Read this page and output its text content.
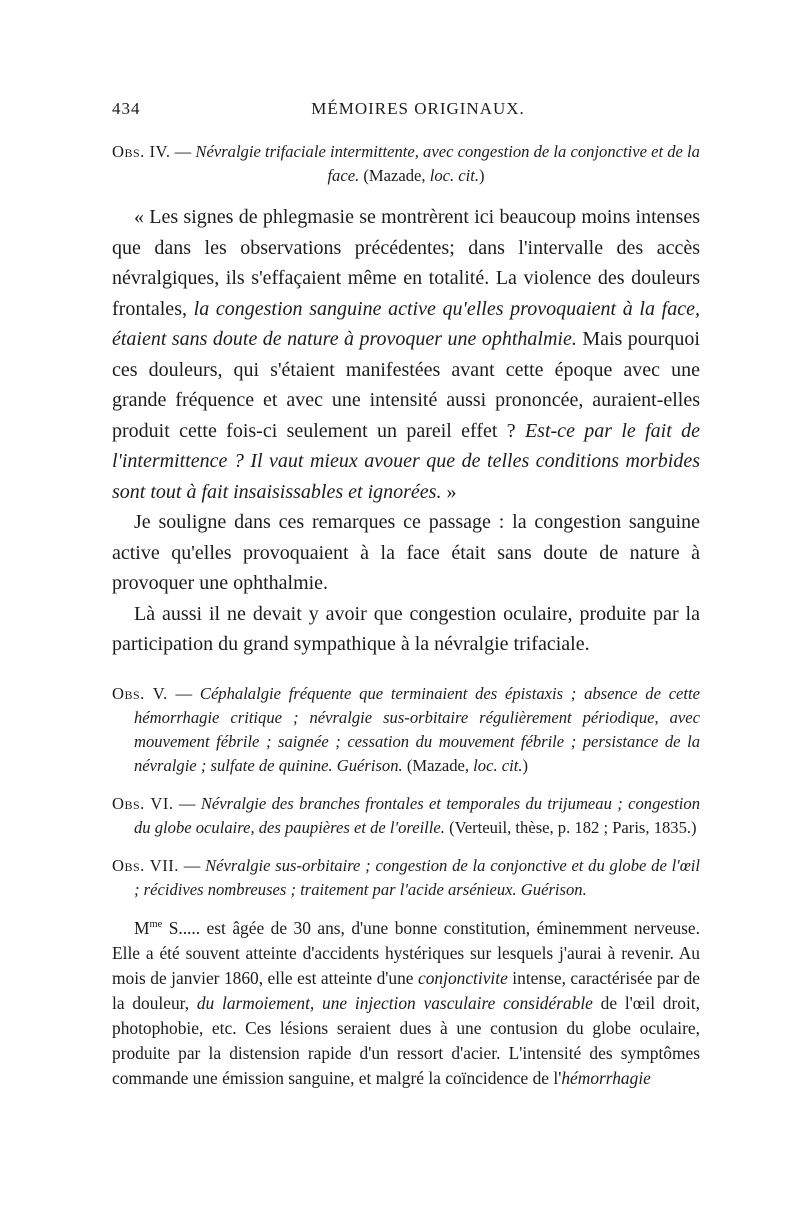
434	MÉMOIRES ORIGINAUX.

Obs. IV. — Névralgie trifaciale intermittente, avec congestion de la conjonctive et de la face. (Mazade, loc. cit.)

« Les signes de phlegmasie se montrèrent ici beaucoup moins intenses que dans les observations précédentes; dans l'intervalle des accès névralgiques, ils s'effaçaient même en totalité. La violence des douleurs frontales, la congestion sanguine active qu'elles provoquaient à la face, étaient sans doute de nature à provoquer une ophthalmie. Mais pourquoi ces douleurs, qui s'étaient manifestées avant cette époque avec une grande fréquence et avec une intensité aussi prononcée, auraient-elles produit cette fois-ci seulement un pareil effet ? Est-ce par le fait de l'intermittence ? Il vaut mieux avouer que de telles conditions morbides sont tout à fait insaisissables et ignorées. »

Je souligne dans ces remarques ce passage : la congestion sanguine active qu'elles provoquaient à la face était sans doute de nature à provoquer une ophthalmie.

Là aussi il ne devait y avoir que congestion oculaire, produite par la participation du grand sympathique à la névralgie trifaciale.

Obs. V. — Céphalalgie fréquente que terminaient des épistaxis ; absence de cette hémorrhagie critique ; névralgie sus-orbitaire régulièrement périodique, avec mouvement fébrile ; saignée ; cessation du mouvement fébrile ; persistance de la névralgie ; sulfate de quinine. Guérison. (Mazade, loc. cit.)

Obs. VI. — Névralgie des branches frontales et temporales du trijumeau ; congestion du globe oculaire, des paupières et de l'oreille. (Verteuil, thèse, p. 182 ; Paris, 1835.)

Obs. VII. — Névralgie sus-orbitaire ; congestion de la conjonctive et du globe de l'œil ; récidives nombreuses ; traitement par l'acide arsénieux. Guérison.

$M^{me}$ S..... est âgée de 30 ans, d'une bonne constitution, éminemment nerveuse. Elle a été souvent atteinte d'accidents hystériques sur lesquels j'aurai à revenir. Au mois de janvier 1860, elle est atteinte d'une conjonctivite intense, caractérisée par de la douleur, du larmoiement, une injection vasculaire considérable de l'œil droit, photophobie, etc. Ces lésions seraient dues à une contusion du globe oculaire, produite par la distension rapide d'un ressort d'acier. L'intensité des symptômes commande une émission sanguine, et malgré la coïncidence de l'hémorrhagie
